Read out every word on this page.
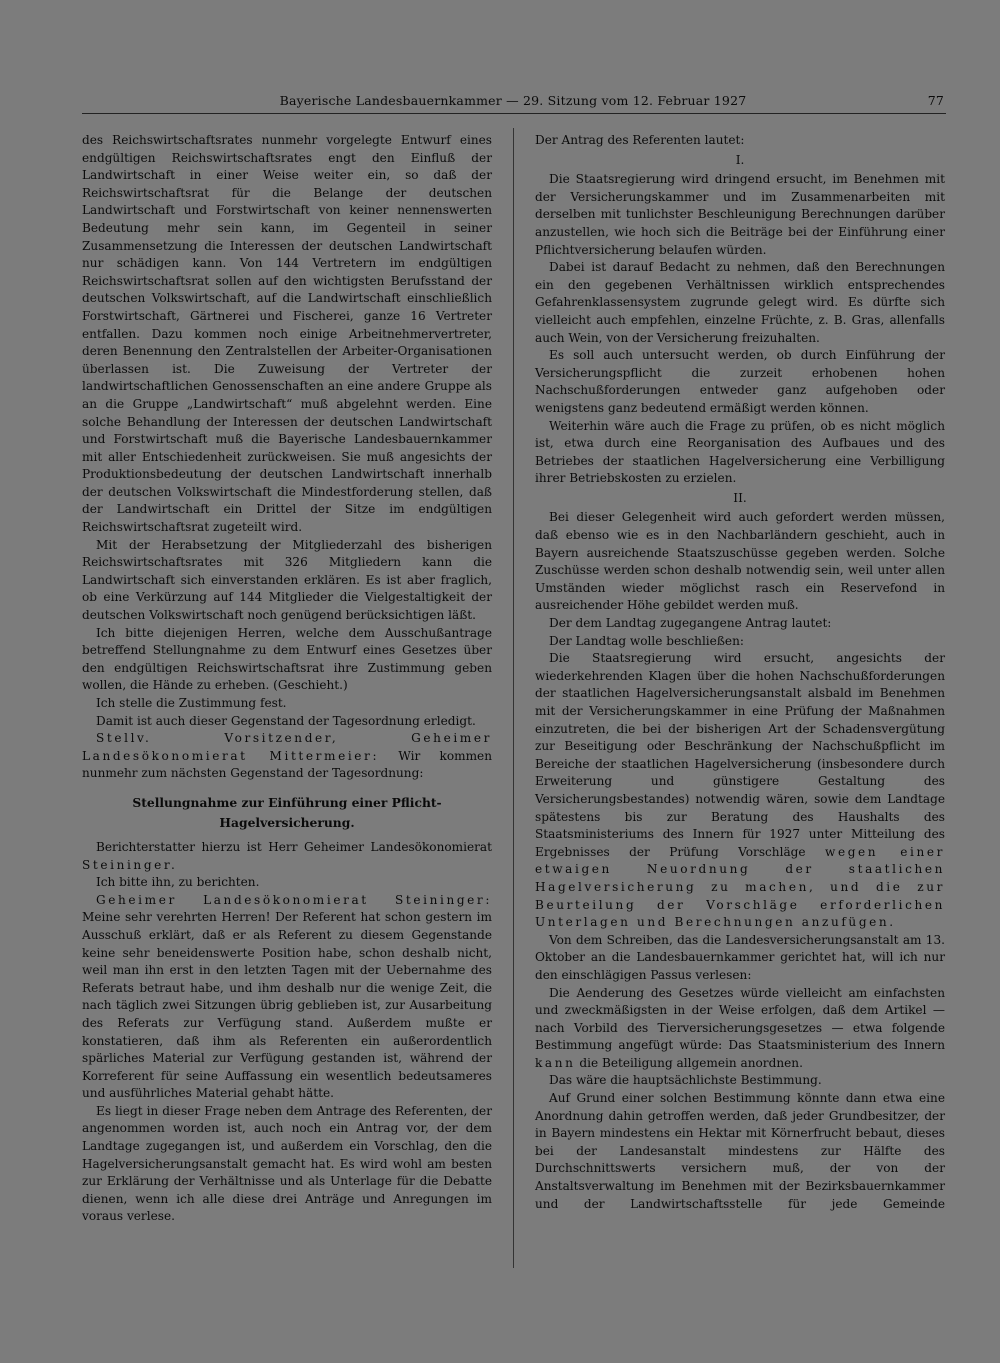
Bayerische Landesbauernkammer — 29. Sitzung vom 12. Februar 1927	77

des Reichswirtschaftsrates nunmehr vorgelegte Entwurf eines endgültigen Reichswirtschaftsrates engt den Einfluß der Landwirtschaft in einer Weise weiter ein, so daß der Reichswirtschaftsrat für die Belange der deutschen Landwirtschaft und Forstwirtschaft von keiner nennenswerten Bedeutung mehr sein kann, im Gegenteil in seiner Zusammensetzung die Interessen der deutschen Landwirtschaft nur schädigen kann. Von 144 Vertretern im endgültigen Reichswirtschaftsrat sollen auf den wichtigsten Berufsstand der deutschen Volkswirtschaft, auf die Landwirtschaft einschließlich Forstwirtschaft, Gärtnerei und Fischerei, ganze 16 Vertreter entfallen. Dazu kommen noch einige Arbeitnehmervertreter, deren Benennung den Zentralstellen der Arbeiter-Organisationen überlassen ist. Die Zuweisung der Vertreter der landwirtschaftlichen Genossenschaften an eine andere Gruppe als an die Gruppe „Landwirtschaft“ muß abgelehnt werden. Eine solche Behandlung der Interessen der deutschen Landwirtschaft und Forstwirtschaft muß die Bayerische Landesbauernkammer mit aller Entschiedenheit zurückweisen. Sie muß angesichts der Produktionsbedeutung der deutschen Landwirtschaft innerhalb der deutschen Volkswirtschaft die Mindestforderung stellen, daß der Landwirtschaft ein Drittel der Sitze im endgültigen Reichswirtschaftsrat zugeteilt wird.

Mit der Herabsetzung der Mitgliederzahl des bisherigen Reichswirtschaftsrates mit 326 Mitgliedern kann die Landwirtschaft sich einverstanden erklären. Es ist aber fraglich, ob eine Verkürzung auf 144 Mitglieder die Vielgestaltigkeit der deutschen Volkswirtschaft noch genügend berücksichtigen läßt.

Ich bitte diejenigen Herren, welche dem Ausschußantrage betreffend Stellungnahme zu dem Entwurf eines Gesetzes über den endgültigen Reichswirtschaftsrat ihre Zustimmung geben wollen, die Hände zu erheben. (Geschieht.)

Ich stelle die Zustimmung fest.

Damit ist auch dieser Gegenstand der Tagesordnung erledigt.

Stellv. Vorsitzender, Geheimer Landesökonomierat Mittermeier: Wir kommen nunmehr zum nächsten Gegenstand der Tagesordnung:

Stellungnahme zur Einführung einer Pflicht-Hagelversicherung.

Berichterstatter hierzu ist Herr Geheimer Landesökonomierat Steininger.

Ich bitte ihn, zu berichten.

Geheimer Landesökonomierat Steininger: Meine sehr verehrten Herren! Der Referent hat schon gestern im Ausschuß erklärt, daß er als Referent zu diesem Gegenstande keine sehr beneidenswerte Position habe, schon deshalb nicht, weil man ihn erst in den letzten Tagen mit der Uebernahme des Referats betraut habe, und ihm deshalb nur die wenige Zeit, die nach täglich zwei Sitzungen übrig geblieben ist, zur Ausarbeitung des Referats zur Verfügung stand. Außerdem mußte er konstatieren, daß ihm als Referenten ein außerordentlich spärliches Material zur Verfügung gestanden ist, während der Korreferent für seine Auffassung ein wesentlich bedeutsameres und ausführliches Material gehabt hätte.

Es liegt in dieser Frage neben dem Antrage des Referenten, der angenommen worden ist, auch noch ein Antrag vor, der dem Landtage zugegangen ist, und außerdem ein Vorschlag, den die Hagelversicherungsanstalt gemacht hat. Es wird wohl am besten zur Erklärung der Verhältnisse und als Unterlage für die Debatte dienen, wenn ich alle diese drei Anträge und Anregungen im voraus verlese.

Der Antrag des Referenten lautet:

I.

Die Staatsregierung wird dringend ersucht, im Benehmen mit der Versicherungskammer und im Zusammenarbeiten mit derselben mit tunlichster Beschleunigung Berechnungen darüber anzustellen, wie hoch sich die Beiträge bei der Einführung einer Pflichtversicherung belaufen würden.

Dabei ist darauf Bedacht zu nehmen, daß den Berechnungen ein den gegebenen Verhältnissen wirklich entsprechendes Gefahrenklassensystem zugrunde gelegt wird. Es dürfte sich vielleicht auch empfehlen, einzelne Früchte, z. B. Gras, allenfalls auch Wein, von der Versicherung freizuhalten.

Es soll auch untersucht werden, ob durch Einführung der Versicherungspflicht die zurzeit erhobenen hohen Nachschußforderungen entweder ganz aufgehoben oder wenigstens ganz bedeutend ermäßigt werden können.

Weiterhin wäre auch die Frage zu prüfen, ob es nicht möglich ist, etwa durch eine Reorganisation des Aufbaues und des Betriebes der staatlichen Hagelversicherung eine Verbilligung ihrer Betriebskosten zu erzielen.

II.

Bei dieser Gelegenheit wird auch gefordert werden müssen, daß ebenso wie es in den Nachbarländern geschieht, auch in Bayern ausreichende Staatszuschüsse gegeben werden. Solche Zuschüsse werden schon deshalb notwendig sein, weil unter allen Umständen wieder möglichst rasch ein Reservefond in ausreichender Höhe gebildet werden muß.

Der dem Landtag zugegangene Antrag lautet:

Der Landtag wolle beschließen:

Die Staatsregierung wird ersucht, angesichts der wiederkehrenden Klagen über die hohen Nachschußforderungen der staatlichen Hagelversicherungsanstalt alsbald im Benehmen mit der Versicherungskammer in eine Prüfung der Maßnahmen einzutreten, die bei der bisherigen Art der Schadensvergütung zur Beseitigung oder Beschränkung der Nachschußpflicht im Bereiche der staatlichen Hagelversicherung (insbesondere durch Erweiterung und günstigere Gestaltung des Versicherungsbestandes) notwendig wären, sowie dem Landtage spätestens bis zur Beratung des Haushalts des Staatsministeriums des Innern für 1927 unter Mitteilung des Ergebnisses der Prüfung Vorschläge wegen einer etwaigen Neuordnung der staatlichen Hagelversicherung zu machen, und die zur Beurteilung der Vorschläge erforderlichen Unterlagen und Berechnungen anzufügen.

Von dem Schreiben, das die Landesversicherungsanstalt am 13. Oktober an die Landesbauernkammer gerichtet hat, will ich nur den einschlägigen Passus verlesen:

Die Aenderung des Gesetzes würde vielleicht am einfachsten und zweckmäßigsten in der Weise erfolgen, daß dem Artikel — nach Vorbild des Tierversicherungsgesetzes — etwa folgende Bestimmung angefügt würde: Das Staatsministerium des Innern kann die Beteiligung allgemein anordnen.

Das wäre die hauptsächlichste Bestimmung.

Auf Grund einer solchen Bestimmung könnte dann etwa eine Anordnung dahin getroffen werden, daß jeder Grundbesitzer, der in Bayern mindestens ein Hektar mit Körnerfrucht bebaut, dieses bei der Landesanstalt mindestens zur Hälfte des Durchschnittswerts versichern muß, der von der Anstaltsverwaltung im Benehmen mit der Bezirksbauernkammer und der Landwirtschaftsstelle für jede Gemeinde
